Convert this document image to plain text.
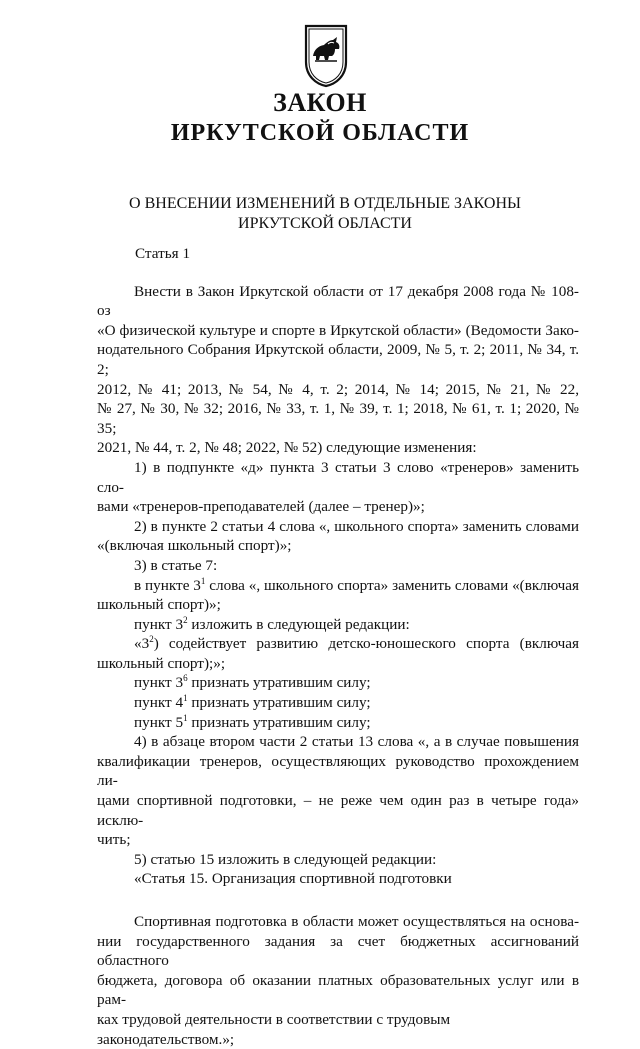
ЗАКОН
ИРКУТСКОЙ ОБЛАСТИ
О ВНЕСЕНИИ ИЗМЕНЕНИЙ В ОТДЕЛЬНЫЕ ЗАКОНЫ
ИРКУТСКОЙ ОБЛАСТИ

Статья 1

Внести в Закон Иркутской области от 17 декабря 2008 года № 108-оз

«О физической культуре и спорте в Иркутской области» (Ведомости Зако-

нодательного Собрания Иркутской области, 2009, № 5, т. 2; 2011, № 34, т. 2;

2012, № 41; 2013, № 54, № 4, т. 2; 2014, № 14; 2015, № 21, № 22,

№ 27, № 30, № 32; 2016, № 33, т. 1, № 39, т. 1; 2018, № 61, т. 1; 2020, № 35;

2021, № 44, т. 2, № 48; 2022, № 52) следующие изменения:

1) в подпункте «д» пункта 3 статьи 3 слово «тренеров» заменить сло-

вами «тренеров-преподавателей (далее – тренер)»;

2) в пункте 2 статьи 4 слова «, школьного спорта» заменить словами

«(включая школьный спорт)»;

3) в статье 7:

в пункте $3^1$ слова «, школьного спорта» заменить словами «(включая

школьный спорт)»;

пункт $3^2$ изложить в следующей редакции:

«$3^2$) содействует развитию детско-юношеского спорта (включая

школьный спорт);»;

пункт $3^6$ признать утратившим силу;

пункт $4^1$ признать утратившим силу;

пункт $5^1$ признать утратившим силу;

4) в абзаце втором части 2 статьи 13 слова «, а в случае повышения

квалификации тренеров, осуществляющих руководство прохождением ли-

цами спортивной подготовки, – не реже чем один раз в четыре года» исклю-

чить;

5) статью 15 изложить в следующей редакции:

«Статья 15. Организация спортивной подготовки

Спортивная подготовка в области может осуществляться на основа-

нии государственного задания за счет бюджетных ассигнований областного

бюджета, договора об оказании платных образовательных услуг или в рам-

ках трудовой деятельности в соответствии с трудовым законодательством.»;
